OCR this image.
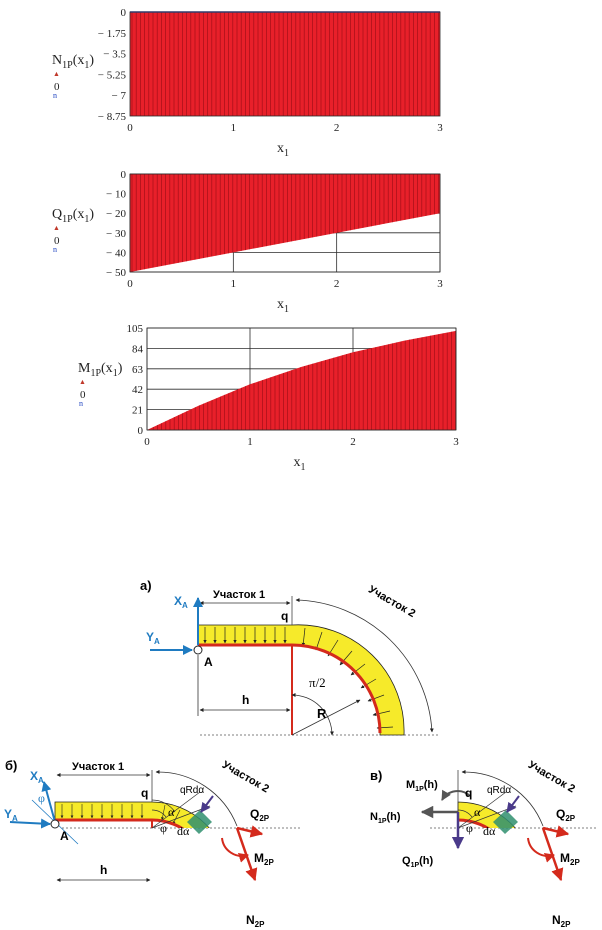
0
− 1.75
− 3.5
− 5.25
− 7
− 8.75
0	1	2	3
$x_1$
$N_{1P}(x_1)$
▲
0
n
0
− 10
− 20
− 30
− 40
− 50
0	1	2	3
$x_1$
$Q_{1P}(x_1)$
▲
0
n
105
84
63
42
21
0
0	1	2	3
$x_1$
$M_{1P}(x_1)$
▲
0
n
а)
$X_A$
$Y_A$
Участок 1	Участок 2
q
A
h
R
π/2
б)
$X_A$
$Y_A$
φ
Участок 1	Участок 2
q	qRdα
A
h
α
φ dα
$Q_{2P}$
$M_{2P}$
$N_{2P}$
в)
$M_{1P}(h)$
$N_{1P}(h)$
$Q_{1P}(h)$
Участок 2
q qRdα
α
φ dα
$Q_{2P}$
$M_{2P}$
$N_{2P}$
